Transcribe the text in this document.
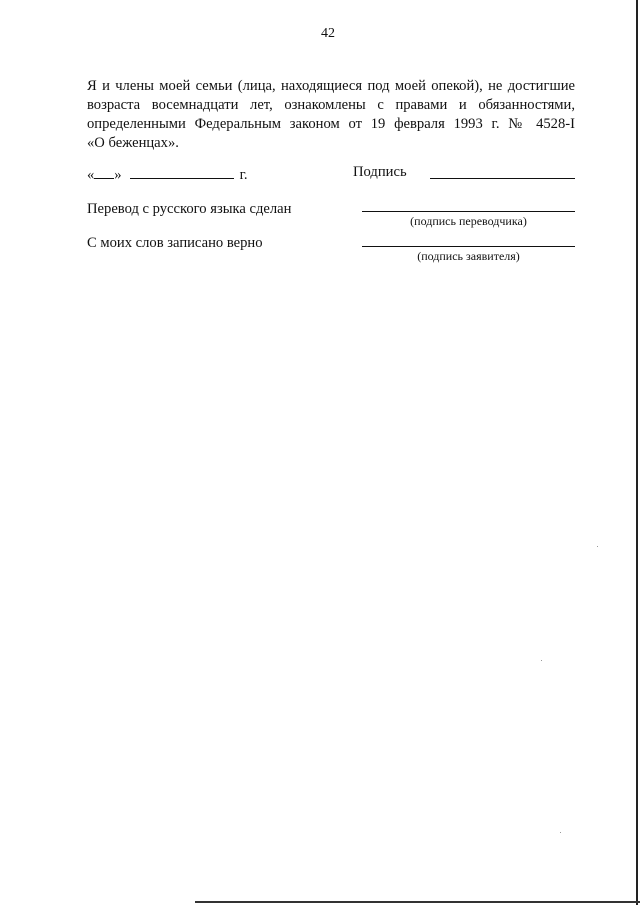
42
Я и члены моей семьи (лица, находящиеся под моей опекой), не достигшие
возраста восемнадцати лет, ознакомлены с правами и обязанностями,
определенными Федеральным законом от 19 февраля 1993 г. № 4528-I
«О беженцах».
« »	г.	Подпись
Перевод с русского языка сделан
(подпись переводчика)
С моих слов записано верно
(подпись заявителя)
